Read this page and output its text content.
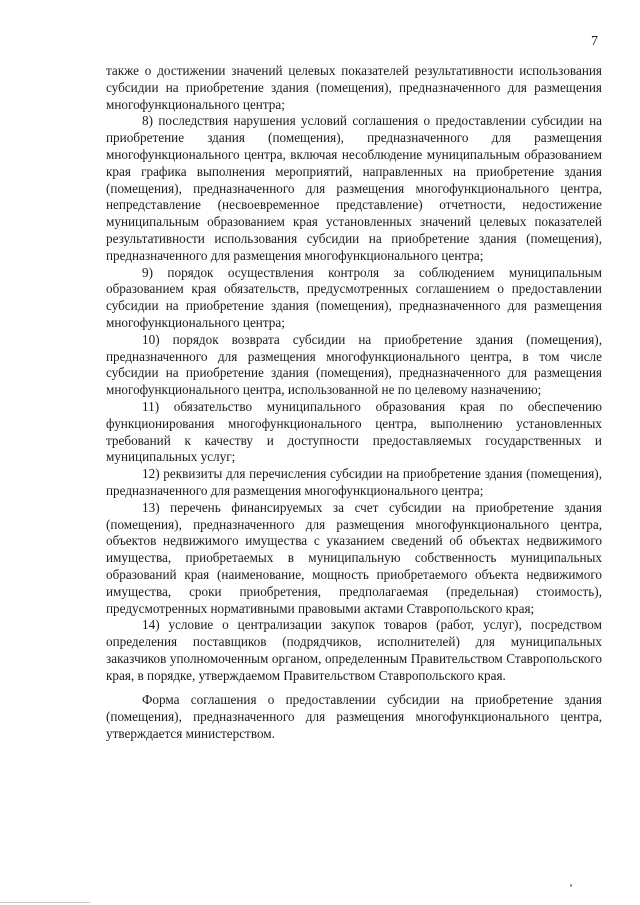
7

также о достижении значений целевых показателей результативности использования субсидии на приобретение здания (помещения), предназначенного для размещения многофункционального центра;

8) последствия нарушения условий соглашения о предоставлении субсидии на приобретение здания (помещения), предназначенного для размещения многофункционального центра, включая несоблюдение муниципальным образованием края графика выполнения мероприятий, направленных на приобретение здания (помещения), предназначенного для размещения многофункционального центра, непредставление (несвоевременное представление) отчетности, недостижение муниципальным образованием края установленных значений целевых показателей результативности использования субсидии на приобретение здания (помещения), предназначенного для размещения многофункционального центра;

9) порядок осуществления контроля за соблюдением муниципальным образованием края обязательств, предусмотренных соглашением о предоставлении субсидии на приобретение здания (помещения), предназначенного для размещения многофункционального центра;

10) порядок возврата субсидии на приобретение здания (помещения), предназначенного для размещения многофункционального центра, в том числе субсидии на приобретение здания (помещения), предназначенного для размещения многофункционального центра, использованной не по целевому назначению;

11) обязательство муниципального образования края по обеспечению функционирования многофункционального центра, выполнению установленных требований к качеству и доступности предоставляемых государственных и муниципальных услуг;

12) реквизиты для перечисления субсидии на приобретение здания (помещения), предназначенного для размещения многофункционального центра;

13) перечень финансируемых за счет субсидии на приобретение здания (помещения), предназначенного для размещения многофункционального центра, объектов недвижимого имущества с указанием сведений об объектах недвижимого имущества, приобретаемых в муниципальную собственность муниципальных образований края (наименование, мощность приобретаемого объекта недвижимого имущества, сроки приобретения, предполагаемая (предельная) стоимость), предусмотренных нормативными правовыми актами Ставропольского края;

14) условие о централизации закупок товаров (работ, услуг), посредством определения поставщиков (подрядчиков, исполнителей) для муниципальных заказчиков уполномоченным органом, определенным Правительством Ставропольского края, в порядке, утверждаемом Правительством Ставропольского края.

Форма соглашения о предоставлении субсидии на приобретение здания (помещения), предназначенного для размещения многофункционального центра, утверждается министерством.
